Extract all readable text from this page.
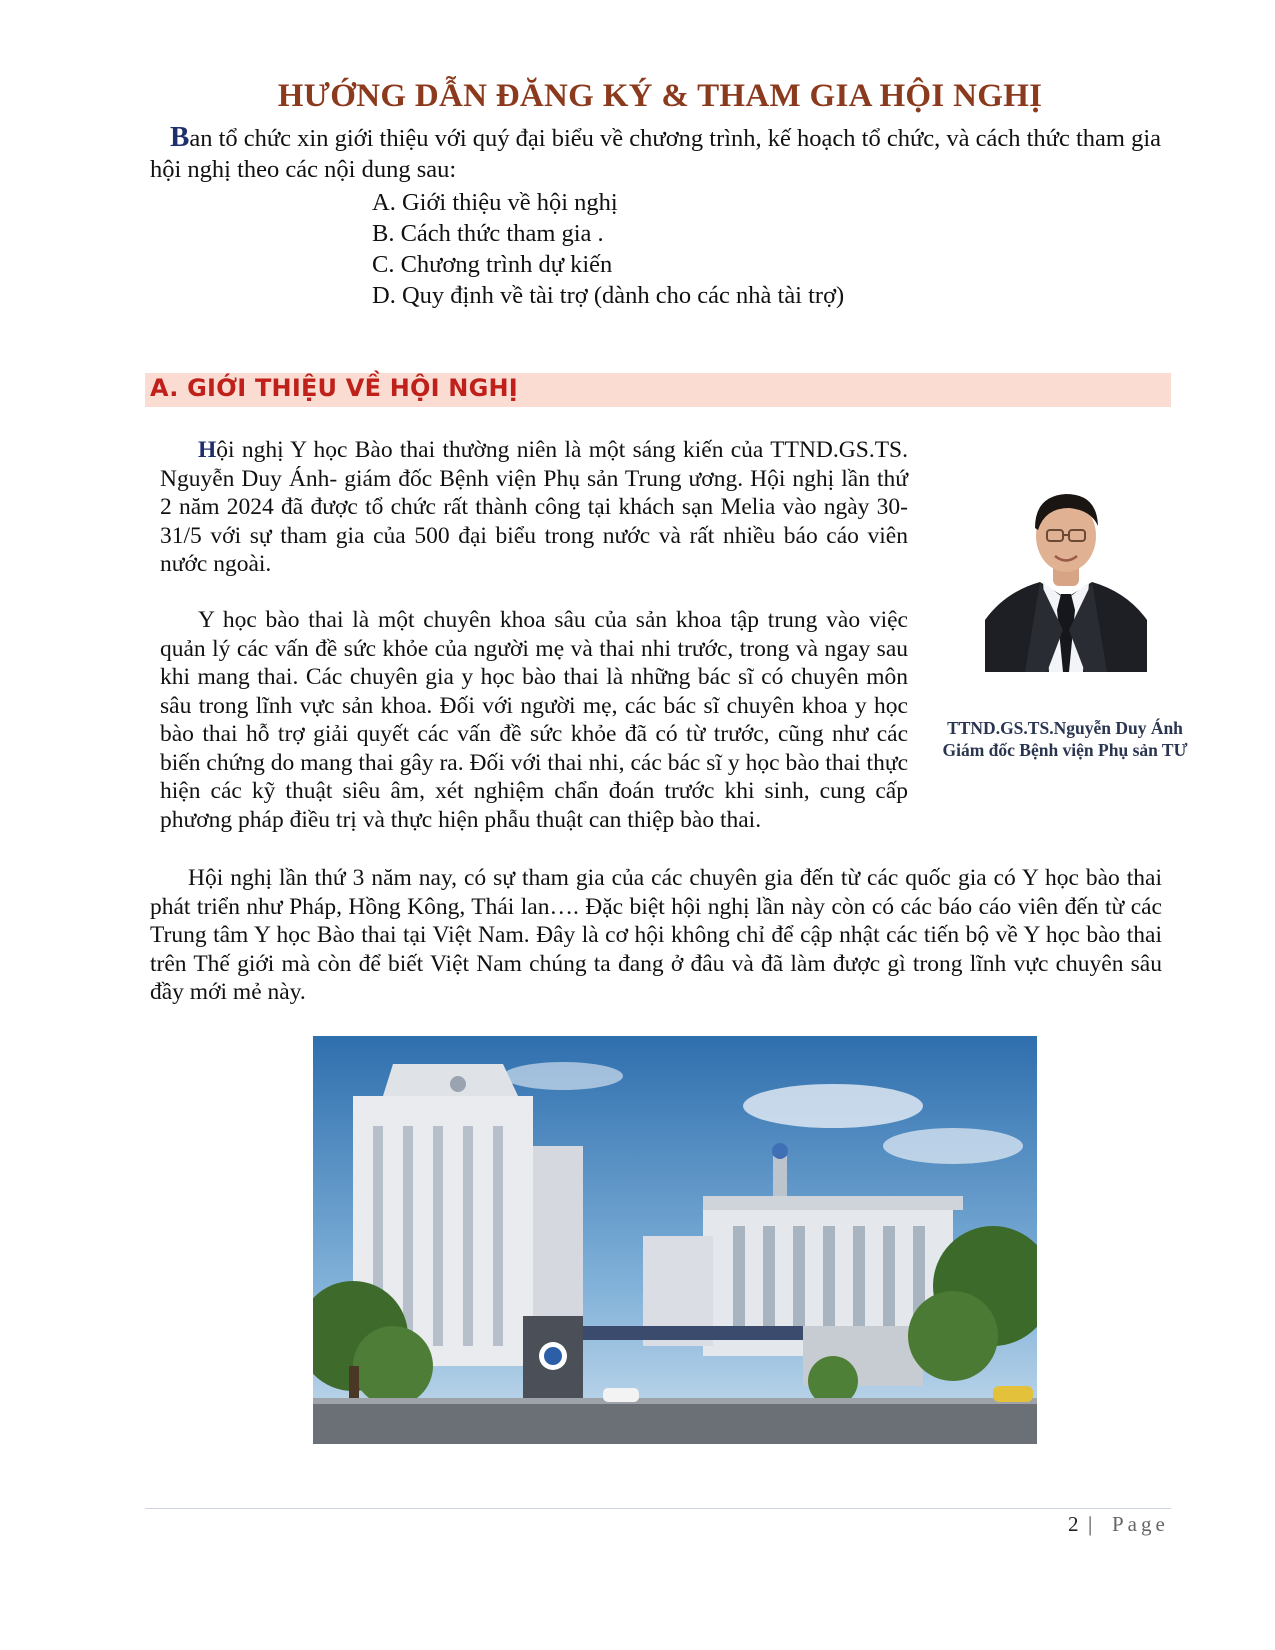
HƯỚNG DẪN ĐĂNG KÝ & THAM GIA HỘI NGHỊ

Ban tổ chức xin giới thiệu với quý đại biểu về chương trình, kế hoạch tổ chức, và cách thức tham gia hội nghị theo các nội dung sau:

A. Giới thiệu về hội nghị
B. Cách thức tham gia .
C. Chương trình dự kiến
D. Quy định về tài trợ (dành cho các nhà tài trợ)
A. GIỚI THIỆU VỀ HỘI NGHỊ

Hội nghị Y học Bào thai thường niên là một sáng kiến của TTND.GS.TS. Nguyễn Duy Ánh- giám đốc Bệnh viện Phụ sản Trung ương. Hội nghị lần thứ 2 năm 2024 đã được tổ chức rất thành công tại khách sạn Melia vào ngày 30-31/5 với sự tham gia của 500 đại biểu trong nước và rất nhiều báo cáo viên nước ngoài.

Y học bào thai là một chuyên khoa sâu của sản khoa tập trung vào việc quản lý các vấn đề sức khỏe của người mẹ và thai nhi trước, trong và ngay sau khi mang thai. Các chuyên gia y học bào thai là những bác sĩ có chuyên môn sâu trong lĩnh vực sản khoa. Đối với người mẹ, các bác sĩ chuyên khoa y học bào thai hỗ trợ giải quyết các vấn đề sức khỏe đã có từ trước, cũng như các biến chứng do mang thai gây ra. Đối với thai nhi, các bác sĩ y học bào thai thực hiện các kỹ thuật siêu âm, xét nghiệm chẩn đoán trước khi sinh, cung cấp phương pháp điều trị và thực hiện phẫu thuật can thiệp bào thai.

TTND.GS.TS.Nguyễn Duy Ánh
Giám đốc Bệnh viện Phụ sản TƯ

Hội nghị lần thứ 3 năm nay, có sự tham gia của các chuyên gia đến từ các quốc gia có Y học bào thai phát triển như Pháp, Hồng Kông, Thái lan…. Đặc biệt hội nghị lần này còn có các báo cáo viên đến từ các Trung tâm Y học Bào thai tại Việt Nam. Đây là cơ hội không chỉ để cập nhật các tiến bộ về Y học bào thai trên Thế giới mà còn để biết Việt Nam chúng ta đang ở đâu và đã làm được gì trong lĩnh vực chuyên sâu đầy mới mẻ này.

2 | Page
